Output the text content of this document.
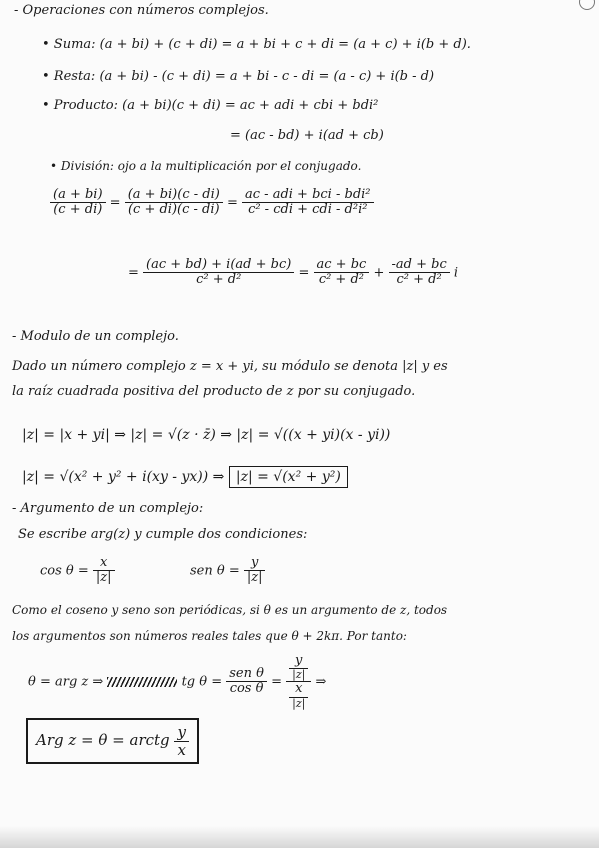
- Operaciones con números complejos.
• Suma: (a + bi) + (c + di) = a + bi + c + di = (a + c) + i(b + d).
• Resta: (a + bi) - (c + di) = a + bi - c - di = (a - c) + i(b - d)
• Producto: (a + bi)(c + di) = ac + adi + cbi + bdi²
= (ac - bd) + i(ad + cb)
• División: ojo a la multiplicación por el conjugado.
$\frac{(a + bi)}{(c + di)} = \frac{(a + bi)(c - di)}{(c + di)(c - di)} = \frac{\text{ac - adi + bci - bdi²}}{\text{c² - cdi + cdi - d²i²}}$
= $\frac{(ac + bd) + i(ad + bc)}{\text{c² + d²}} = \frac{ac + bc}{\text{c² + d²}} + \frac{-ad + bc}{\text{c² + d²}}$ i
- Modulo de un complejo.
Dado un número complejo z = x + yi, su módulo se denota |z| y es
la raíz cuadrada positiva del producto de z por su conjugado.
|z| = |x + yi| ⇒ |z| = √(z · z̄) ⇒ |z| = √((x + yi)(x - yi))
|z| = √(x² + y² + i(xy - yx)) ⇒ |z| = √(x² + y²)
- Argumento de un complejo:
Se escribe arg(z) y cumple dos condiciones:
$\cos \theta = \frac{x}{|z|}$	sen $\theta = \frac{y}{|z|}$
Como el coseno y seno son periódicas, si θ es un argumento de z, todos
los argumentos son números reales tales que θ + 2kπ. Por tanto:
θ = arg z ⇒	tg $\theta = \frac{\text{sen θ}}{\text{cos θ}} = \frac{\frac{y}{|z|}}{\frac{x}{|z|}}$ ⇒
Arg z = θ = arctg $\frac{y}{x}$
